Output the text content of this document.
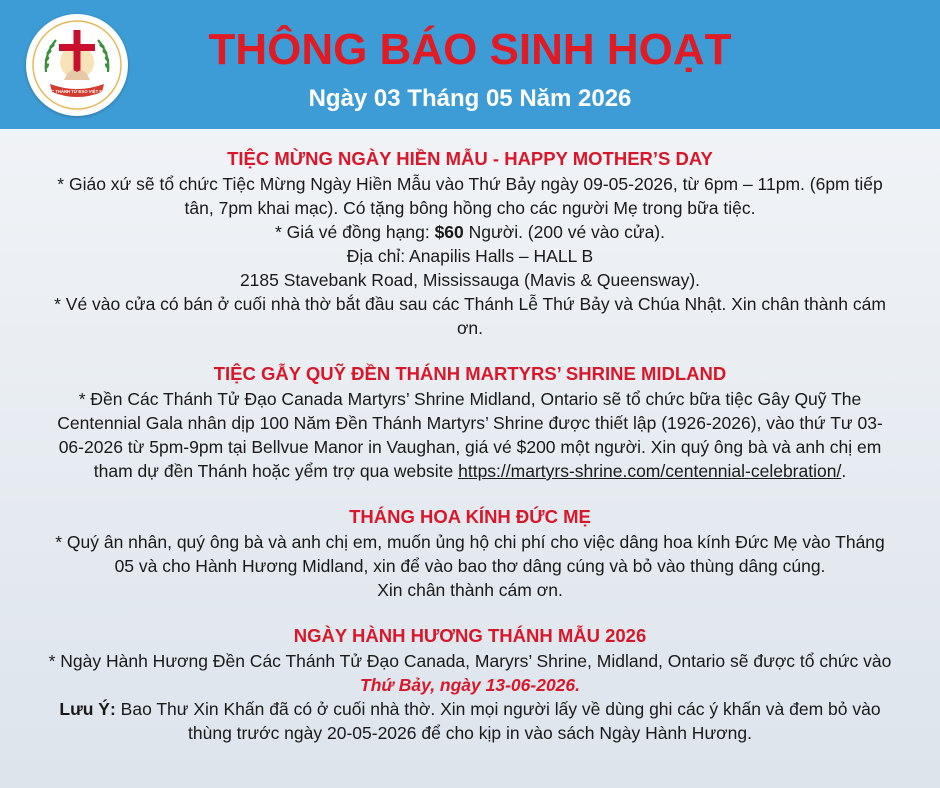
CÁC THÁNH TỬ ĐẠO VIỆT NAM
THÔNG BÁO SINH HOẠT
Ngày 03 Tháng 05 Năm 2026
TIỆC MỪNG NGÀY HIỀN MẪU - HAPPY MOTHER’S DAY
* Giáo xứ sẽ tổ chức Tiệc Mừng Ngày Hiền Mẫu vào Thứ Bảy ngày 09-05-2026, từ 6pm – 11pm. (6pm tiếp
tân, 7pm khai mạc). Có tặng bông hồng cho các người Mẹ trong bữa tiệc.
* Giá vé đồng hạng: $60 Người. (200 vé vào cửa).
Địa chỉ: Anapilis Halls – HALL B
2185 Stavebank Road, Mississauga (Mavis & Queensway).
* Vé vào cửa có bán ở cuối nhà thờ bắt đầu sau các Thánh Lễ Thứ Bảy và Chúa Nhật. Xin chân thành cám
ơn.
TIỆC GẪY QUỸ ĐỀN THÁNH MARTYRS’ SHRINE MIDLAND
* Đền Các Thánh Tử Đạo Canada Martyrs’ Shrine Midland, Ontario sẽ tổ chức bữa tiệc Gây Quỹ The
Centennial Gala nhân dịp 100 Năm Đền Thánh Martyrs’ Shrine được thiết lập (1926-2026), vào thứ Tư 03-
06-2026 từ 5pm-9pm tại Bellvue Manor in Vaughan, giá vé $200 một người. Xin quý ông bà và anh chị em
tham dự đền Thánh hoặc yểm trợ qua website https://martyrs-shrine.com/centennial-celebration/.
THÁNG HOA KÍNH ĐỨC MẸ
* Quý ân nhân, quý ông bà và anh chị em, muốn ủng hộ chi phí cho việc dâng hoa kính Đức Mẹ vào Tháng
05 và cho Hành Hương Midland, xin để vào bao thơ dâng cúng và bỏ vào thùng dâng cúng.
Xin chân thành cám ơn.
NGÀY HÀNH HƯƠNG THÁNH MẪU 2026
* Ngày Hành Hương Đền Các Thánh Tử Đạo Canada, Maryrs’ Shrine, Midland, Ontario sẽ được tổ chức vào
Thứ Bảy, ngày 13-06-2026.
Lưu Ý: Bao Thư Xin Khấn đã có ở cuối nhà thờ. Xin mọi người lấy về dùng ghi các ý khấn và đem bỏ vào
thùng trước ngày 20-05-2026 để cho kịp in vào sách Ngày Hành Hương.
